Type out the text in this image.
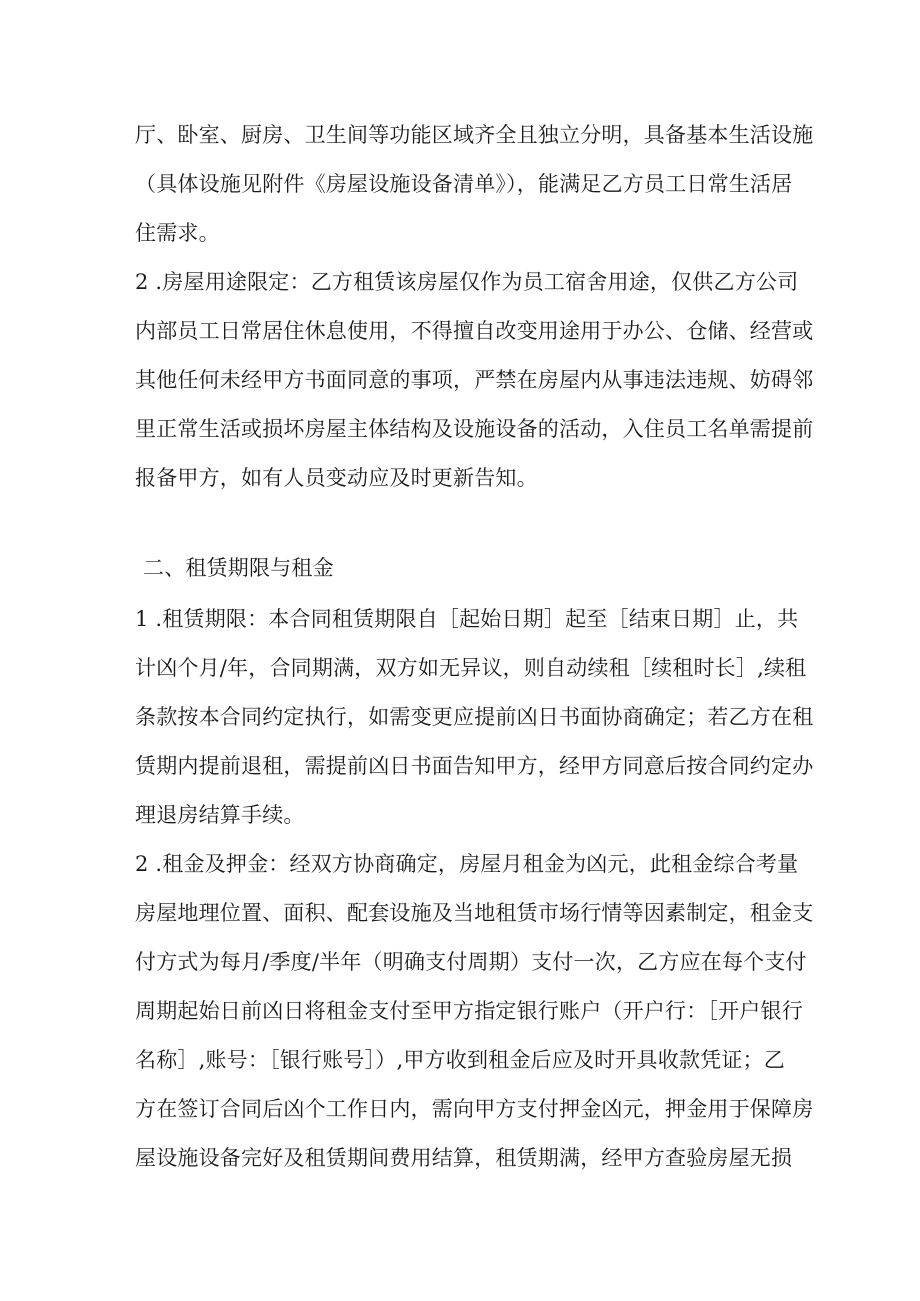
厅、卧室、厨房、卫生间等功能区域齐全且独立分明，具备基本生活设施
（具体设施见附件《房屋设施设备清单》），能满足乙方员工日常生活居
住需求。
2 .房屋用途限定：乙方租赁该房屋仅作为员工宿舍用途，仅供乙方公司
内部员工日常居住休息使用，不得擅自改变用途用于办公、仓储、经营或
其他任何未经甲方书面同意的事项，严禁在房屋内从事违法违规、妨碍邻
里正常生活或损坏房屋主体结构及设施设备的活动，入住员工名单需提前
报备甲方，如有人员变动应及时更新告知。
二、租赁期限与租金
1 .租赁期限：本合同租赁期限自［起始日期］起至［结束日期］止，共
计凶个月/年，合同期满，双方如无异议，则自动续租［续租时长］,续租
条款按本合同约定执行，如需变更应提前凶日书面协商确定；若乙方在租
赁期内提前退租，需提前凶日书面告知甲方，经甲方同意后按合同约定办
理退房结算手续。
2 .租金及押金：经双方协商确定，房屋月租金为凶元，此租金综合考量
房屋地理位置、面积、配套设施及当地租赁市场行情等因素制定，租金支
付方式为每月/季度/半年（明确支付周期）支付一次，乙方应在每个支付
周期起始日前凶日将租金支付至甲方指定银行账户（开户行：［开户银行
名称］,账号：［银行账号］）,甲方收到租金后应及时开具收款凭证；乙
方在签订合同后凶个工作日内，需向甲方支付押金凶元，押金用于保障房
屋设施设备完好及租赁期间费用结算，租赁期满，经甲方查验房屋无损
